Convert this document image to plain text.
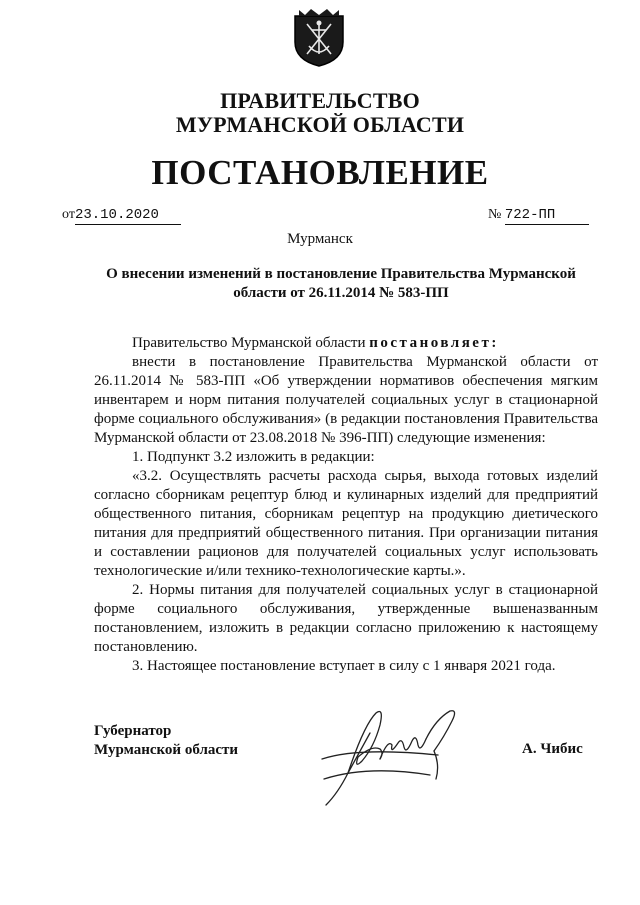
ПРАВИТЕЛЬСТВО
МУРМАНСКОЙ ОБЛАСТИ
ПОСТАНОВЛЕНИЕ
от23.10.2020	№ 722-ПП
Мурманск
О внесении изменений в постановление Правительства Мурманской
области от 26.11.2014 № 583-ПП

Правительство Мурманской области постановляет:

внести в постановление Правительства Мурманской области от 26.11.2014 № 583-ПП «Об утверждении нормативов обеспечения мягким инвентарем и норм питания получателей социальных услуг в стационарной форме социального обслуживания» (в редакции постановления Правительства Мурманской области от 23.08.2018 № 396-ПП) следующие изменения:

1. Подпункт 3.2 изложить в редакции:

«3.2. Осуществлять расчеты расхода сырья, выхода готовых изделий согласно сборникам рецептур блюд и кулинарных изделий для предприятий общественного питания, сборникам рецептур на продукцию диетического питания для предприятий общественного питания. При организации питания и составлении рационов для получателей социальных услуг использовать технологические и/или технико-технологические карты.».

2. Нормы питания для получателей социальных услуг в стационарной форме социального обслуживания, утвержденные вышеназванным постановлением, изложить в редакции согласно приложению к настоящему постановлению.

3. Настоящее постановление вступает в силу с 1 января 2021 года.

Губернатор
Мурманской области	А. Чибис
